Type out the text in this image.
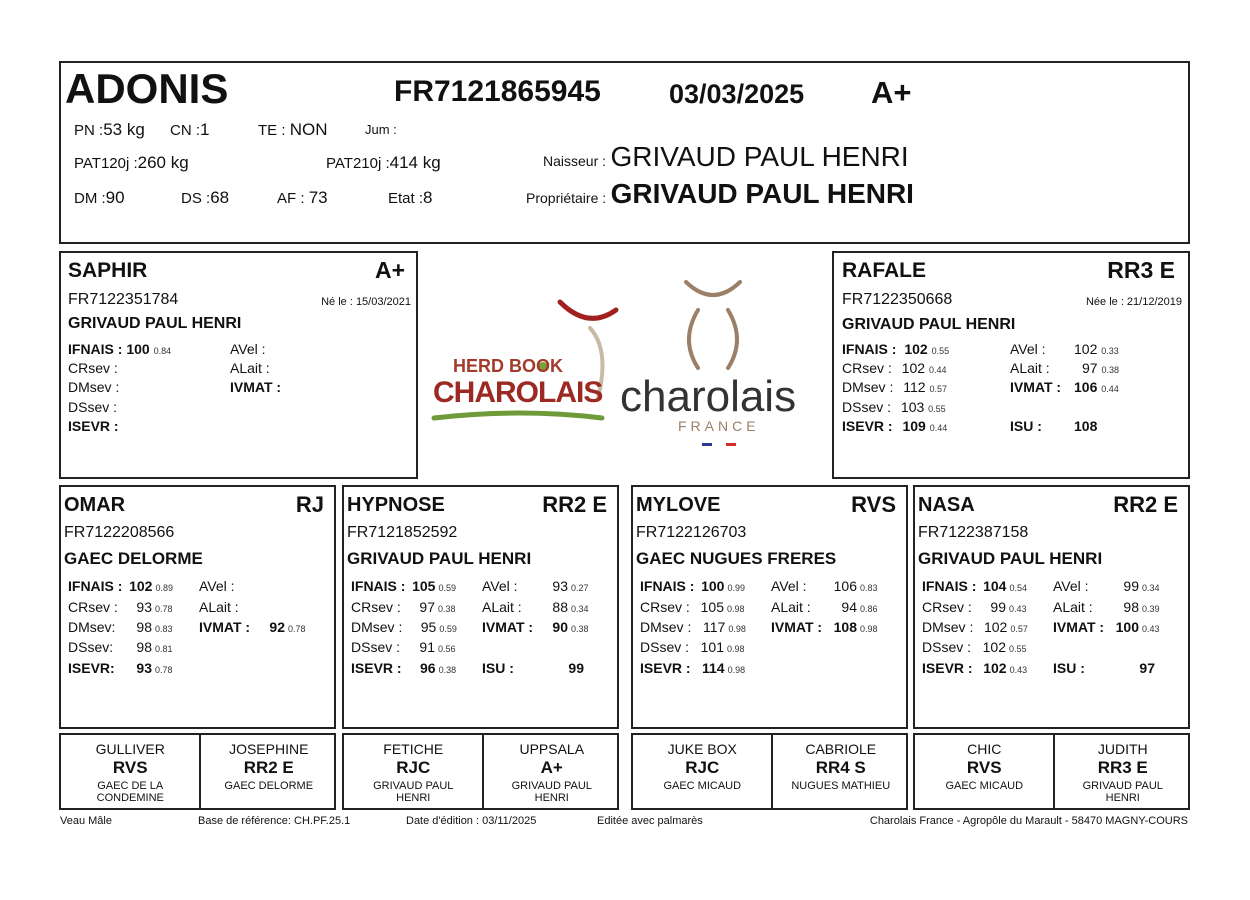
ADONIS	FR7121865945	03/03/2025 A+
PN :53 kg CN :1	TE : NON	Jum :
PAT120j :260 kg	PAT210j :414 kg
DM :90	DS :68	AF : 73	Etat :8
Naisseur : GRIVAUD PAUL HENRI
Propriétaire : GRIVAUD PAUL HENRI
SAPHIR	A+
FR7122351784	Né le : 15/03/2021
GRIVAUD PAUL HENRI
IFNAIS : 100 0.84
CRsev :
DMsev :
DSsev :
ISEVR :
AVel :
ALait :
IVMAT :
HERD BOOK
CHAROLAIS charolais
FRANCE
RAFALE	RR3 E
FR7122350668	Née le : 21/12/2019
GRIVAUD PAUL HENRI
IFNAIS : 102 0.55
CRsev : 102 0.44
DMsev : 112 0.57
DSsev : 103 0.55
ISEVR : 109 0.44
AVel : 102 0.33
ALait : 97 0.38
IVMAT : 106 0.44
ISU : 108
OMAR	RJ
FR7122208566
GAEC DELORME
IFNAIS : 102 0.89
CRsev : 93 0.78
DMsev: 98 0.83
DSsev: 98 0.81
ISEVR: 93 0.78
AVel :
ALait :
IVMAT :	92 0.78
HYPNOSE	RR2 E
FR7121852592
GRIVAUD PAUL HENRI
IFNAIS : 105 0.59
CRsev : 97 0.38
DMsev : 95 0.59
DSsev : 91 0.56
ISEVR : 96 0.38
AVel :	93 0.27
ALait :	88 0.34
IVMAT :	90 0.38
ISU :	99
MYLOVE	RVS
FR7122126703
GAEC NUGUES FRERES
IFNAIS : 100 0.99
CRsev : 105 0.98
DMsev : 117 0.98
DSsev : 101 0.98
ISEVR : 114 0.98
AVel :	106 0.83
ALait :	94 0.86
IVMAT : 108 0.98
NASA	RR2 E
FR7122387158
GRIVAUD PAUL HENRI
IFNAIS : 104 0.54
CRsev : 99 0.43
DMsev : 102 0.57
DSsev : 102 0.55
ISEVR : 102 0.43
AVel :	99 0.34
ALait :	98 0.39
IVMAT : 100 0.43
ISU :	97
GULLIVER
RVS
GAEC DE LA CONDEMINE
JOSEPHINE
RR2 E
GAEC DELORME
FETICHE
RJC
GRIVAUD PAUL HENRI
UPPSALA
A+
GRIVAUD PAUL HENRI
JUKE BOX
RJC
GAEC MICAUD
CABRIOLE
RR4 S
NUGUES MATHIEU
CHIC
RVS
GAEC MICAUD
JUDITH
RR3 E
GRIVAUD PAUL HENRI
Veau Mâle	Base de référence: CH.PF.25.1	Date d'édition : 03/11/2025	Editée avec palmarès	Charolais France - Agropôle du Marault - 58470 MAGNY-COURS
